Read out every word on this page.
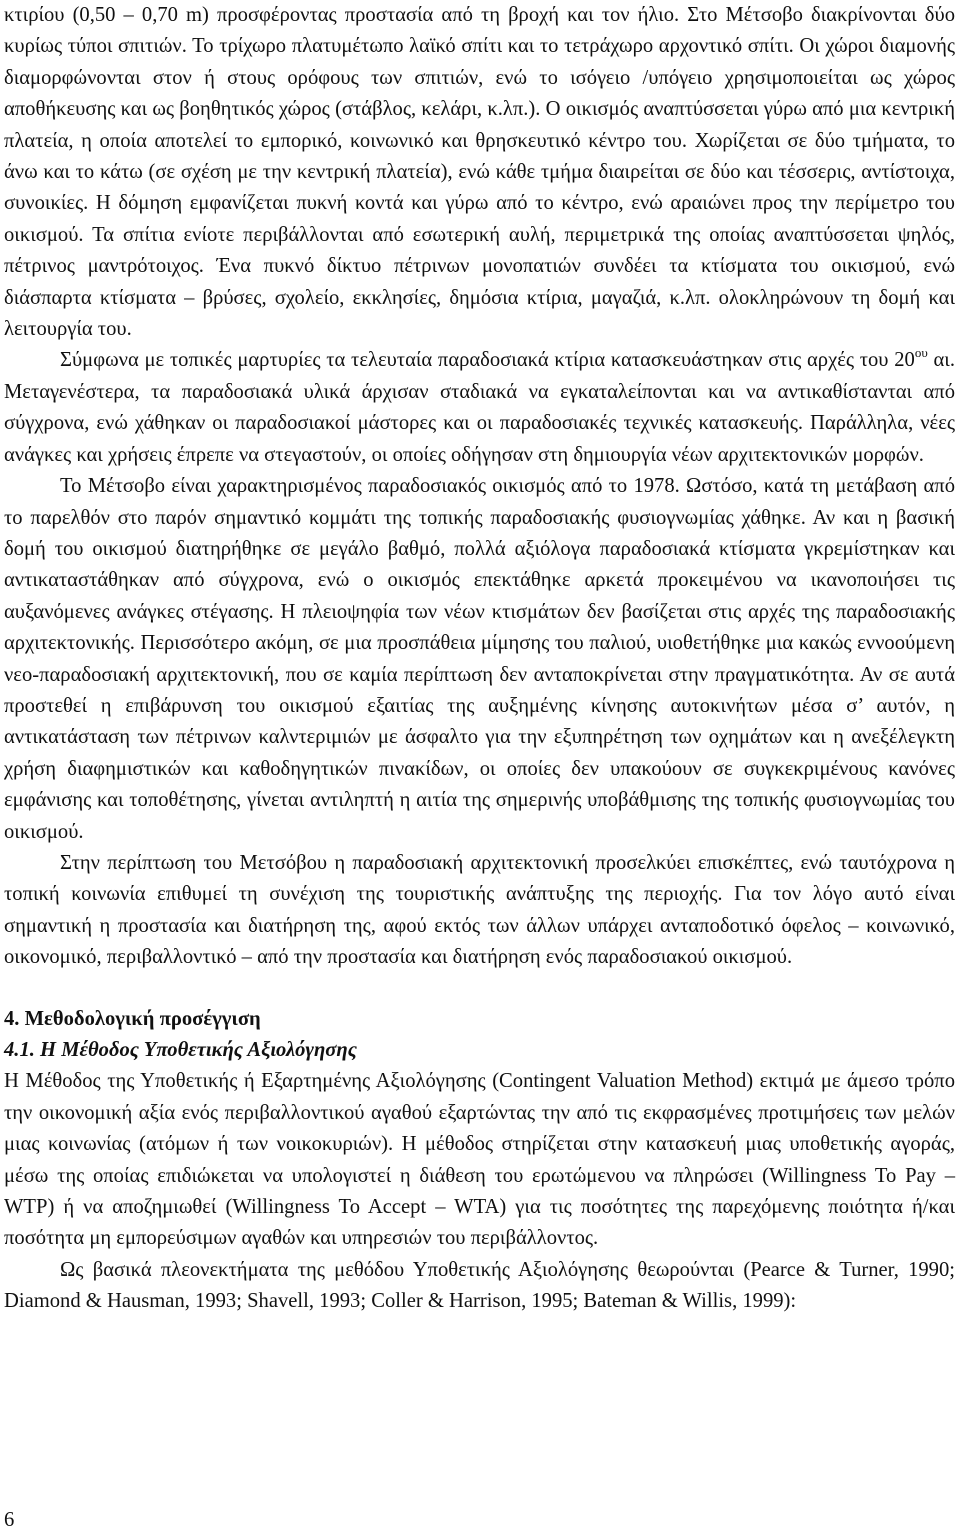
κτιρίου (0,50 – 0,70 m) προσφέροντας προστασία από τη βροχή και τον ήλιο. Στο Μέτσοβο διακρίνονται δύο κυρίως τύποι σπιτιών. Το τρίχωρο πλατυμέτωπο λαϊκό σπίτι και το τετράχωρο αρχοντικό σπίτι. Οι χώροι διαμονής διαμορφώνονται στον ή στους ορόφους των σπιτιών, ενώ το ισόγειο /υπόγειο χρησιμοποιείται ως χώρος αποθήκευσης και ως βοηθητικός χώρος (στάβλος, κελάρι, κ.λπ.). Ο οικισμός αναπτύσσεται γύρω από μια κεντρική πλατεία, η οποία αποτελεί το εμπορικό, κοινωνικό και θρησκευτικό κέντρο του. Χωρίζεται σε δύο τμήματα, το άνω και το κάτω (σε σχέση με την κεντρική πλατεία), ενώ κάθε τμήμα διαιρείται σε δύο και τέσσερις, αντίστοιχα, συνοικίες. Η δόμηση εμφανίζεται πυκνή κοντά και γύρω από το κέντρο, ενώ αραιώνει προς την περίμετρο του οικισμού. Τα σπίτια ενίοτε περιβάλλονται από εσωτερική αυλή, περιμετρικά της οποίας αναπτύσσεται ψηλός, πέτρινος μαντρότοιχος. Ένα πυκνό δίκτυο πέτρινων μονοπατιών συνδέει τα κτίσματα του οικισμού, ενώ διάσπαρτα κτίσματα – βρύσες, σχολείο, εκκλησίες, δημόσια κτίρια, μαγαζιά, κ.λπ. ολοκληρώνουν τη δομή και λειτουργία του.

Σύμφωνα με τοπικές μαρτυρίες τα τελευταία παραδοσιακά κτίρια κατασκευάστηκαν στις αρχές του $20^{o\upsilon}$ αι. Μεταγενέστερα, τα παραδοσιακά υλικά άρχισαν σταδιακά να εγκαταλείπονται και να αντικαθίστανται από σύγχρονα, ενώ χάθηκαν οι παραδοσιακοί μάστορες και οι παραδοσιακές τεχνικές κατασκευής. Παράλληλα, νέες ανάγκες και χρήσεις έπρεπε να στεγαστούν, οι οποίες οδήγησαν στη δημιουργία νέων αρχιτεκτονικών μορφών.

Το Μέτσοβο είναι χαρακτηρισμένος παραδοσιακός οικισμός από το 1978. Ωστόσο, κατά τη μετάβαση από το παρελθόν στο παρόν σημαντικό κομμάτι της τοπικής παραδοσιακής φυσιογνωμίας χάθηκε. Αν και η βασική δομή του οικισμού διατηρήθηκε σε μεγάλο βαθμό, πολλά αξιόλογα παραδοσιακά κτίσματα γκρεμίστηκαν και αντικαταστάθηκαν από σύγχρονα, ενώ ο οικισμός επεκτάθηκε αρκετά προκειμένου να ικανοποιήσει τις αυξανόμενες ανάγκες στέγασης. Η πλειοψηφία των νέων κτισμάτων δεν βασίζεται στις αρχές της παραδοσιακής αρχιτεκτονικής. Περισσότερο ακόμη, σε μια προσπάθεια μίμησης του παλιού, υιοθετήθηκε μια κακώς εννοούμενη νεο-παραδοσιακή αρχιτεκτονική, που σε καμία περίπτωση δεν ανταποκρίνεται στην πραγματικότητα. Αν σε αυτά προστεθεί η επιβάρυνση του οικισμού εξαιτίας της αυξημένης κίνησης αυτοκινήτων μέσα σ’ αυτόν, η αντικατάσταση των πέτρινων καλντεριμιών με άσφαλτο για την εξυπηρέτηση των οχημάτων και η ανεξέλεγκτη χρήση διαφημιστικών και καθοδηγητικών πινακίδων, οι οποίες δεν υπακούουν σε συγκεκριμένους κανόνες εμφάνισης και τοποθέτησης, γίνεται αντιληπτή η αιτία της σημερινής υποβάθμισης της τοπικής φυσιογνωμίας του οικισμού.

Στην περίπτωση του Μετσόβου η παραδοσιακή αρχιτεκτονική προσελκύει επισκέπτες, ενώ ταυτόχρονα η τοπική κοινωνία επιθυμεί τη συνέχιση της τουριστικής ανάπτυξης της περιοχής. Για τον λόγο αυτό είναι σημαντική η προστασία και διατήρηση της, αφού εκτός των άλλων υπάρχει ανταποδοτικό όφελος – κοινωνικό, οικονομικό, περιβαλλοντικό – από την προστασία και διατήρηση ενός παραδοσιακού οικισμού.

4. Μεθοδολογική προσέγγιση
4.1. Η Μέθοδος Υποθετικής Αξιολόγησης

Η Μέθοδος της Υποθετικής ή Εξαρτημένης Αξιολόγησης (Contingent Valuation Method) εκτιμά με άμεσο τρόπο την οικονομική αξία ενός περιβαλλοντικού αγαθού εξαρτώντας την από τις εκφρασμένες προτιμήσεις των μελών μιας κοινωνίας (ατόμων ή των νοικοκυριών). Η μέθοδος στηρίζεται στην κατασκευή μιας υποθετικής αγοράς, μέσω της οποίας επιδιώκεται να υπολογιστεί η διάθεση του ερωτώμενου να πληρώσει (Willingness To Pay – WTP) ή να αποζημιωθεί (Willingness To Accept – WTA) για τις ποσότητες της παρεχόμενης ποιότητα ή/και ποσότητα μη εμπορεύσιμων αγαθών και υπηρεσιών του περιβάλλοντος.

Ως βασικά πλεονεκτήματα της μεθόδου Υποθετικής Αξιολόγησης θεωρούνται (Pearce & Turner, 1990; Diamond & Hausman, 1993; Shavell, 1993; Coller & Harrison, 1995; Bateman & Willis, 1999):

6
